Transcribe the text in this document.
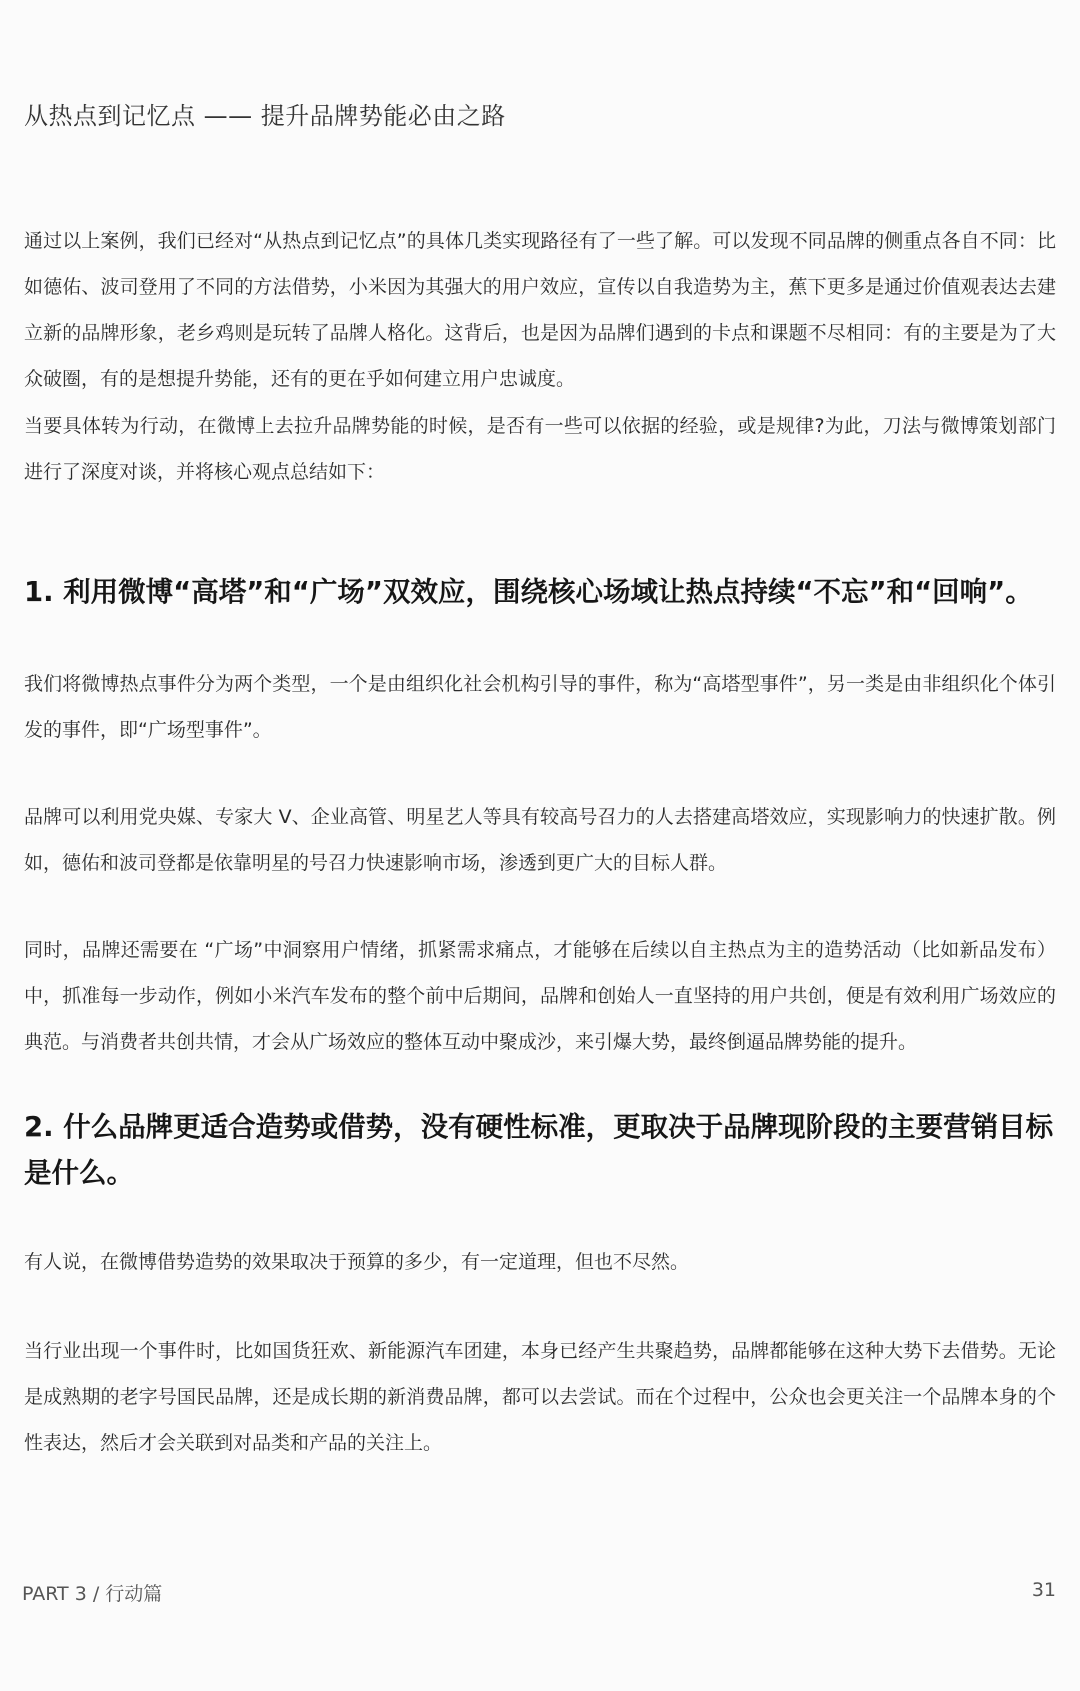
从热点到记忆点 —— 提升品牌势能必由之路

通过以上案例，我们已经对“从热点到记忆点”的具体几类实现路径有了一些了解。可以发现不同品牌的侧重点各自不同：比如德佑、波司登用了不同的方法借势，小米因为其强大的用户效应，宣传以自我造势为主，蕉下更多是通过价值观表达去建立新的品牌形象，老乡鸡则是玩转了品牌人格化。这背后，也是因为品牌们遇到的卡点和课题不尽相同：有的主要是为了大众破圈，有的是想提升势能，还有的更在乎如何建立用户忠诚度。

当要具体转为行动，在微博上去拉升品牌势能的时候，是否有一些可以依据的经验，或是规律?为此，刀法与微博策划部门进行了深度对谈，并将核心观点总结如下：

1. 利用微博“高塔”和“广场”双效应，围绕核心场域让热点持续“不忘”和“回响”。

我们将微博热点事件分为两个类型，一个是由组织化社会机构引导的事件，称为“高塔型事件”，另一类是由非组织化个体引发的事件，即“广场型事件”。

品牌可以利用党央媒、专家大 V、企业高管、明星艺人等具有较高号召力的人去搭建高塔效应，实现影响力的快速扩散。例如，德佑和波司登都是依靠明星的号召力快速影响市场，渗透到更广大的目标人群。

同时，品牌还需要在 “广场”中洞察用户情绪，抓紧需求痛点，才能够在后续以自主热点为主的造势活动（比如新品发布）中，抓准每一步动作，例如小米汽车发布的整个前中后期间，品牌和创始人一直坚持的用户共创，便是有效利用广场效应的典范。与消费者共创共情，才会从广场效应的整体互动中聚成沙，来引爆大势，最终倒逼品牌势能的提升。

2. 什么品牌更适合造势或借势，没有硬性标准，更取决于品牌现阶段的主要营销目标是什么。

有人说，在微博借势造势的效果取决于预算的多少，有一定道理，但也不尽然。

当行业出现一个事件时，比如国货狂欢、新能源汽车团建，本身已经产生共聚趋势，品牌都能够在这种大势下去借势。无论是成熟期的老字号国民品牌，还是成长期的新消费品牌，都可以去尝试。而在个过程中，公众也会更关注一个品牌本身的个性表达，然后才会关联到对品类和产品的关注上。

PART 3 / 行动篇	31
